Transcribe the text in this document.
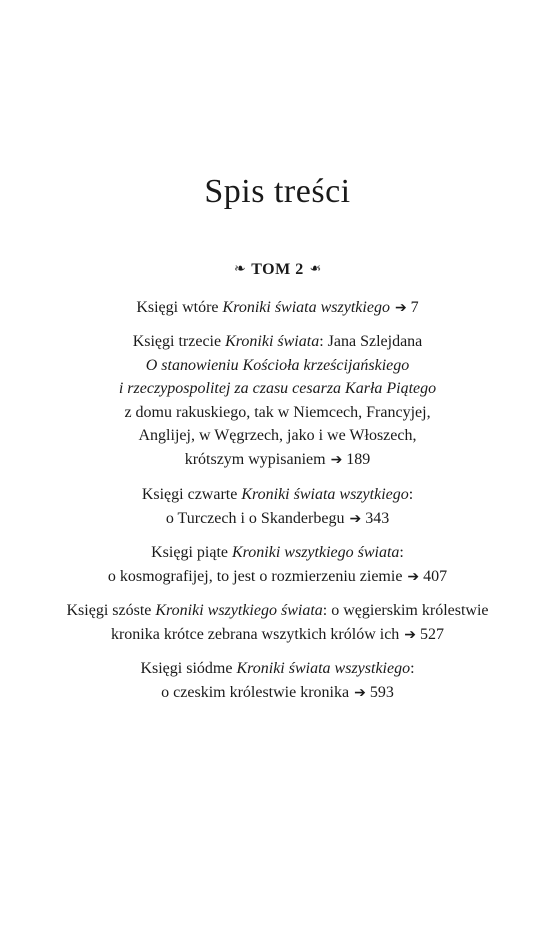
Spis treści
❧ TOM 2 ❧
Księgi wtóre Kroniki świata wszytkiego ➔ 7
Księgi trzecie Kroniki świata: Jana Szlejdana
O stanowieniu Kościoła krześcijańskiego
i rzeczypospolitej za czasu cesarza Karła Piątego
z domu rakuskiego, tak w Niemcech, Francyjej,
Anglijej, w Węgrzech, jako i we Włoszech,
krótszym wypisaniem ➔ 189
Księgi czwarte Kroniki świata wszytkiego:
o Turczech i o Skanderbegu ➔ 343
Księgi piąte Kroniki wszytkiego świata:
o kosmografijej, to jest o rozmierzeniu ziemie ➔ 407
Księgi szóste Kroniki wszytkiego świata: o węgierskim królestwie
kronika krótce zebrana wszytkich królów ich ➔ 527
Księgi siódme Kroniki świata wszystkiego:
o czeskim królestwie kronika ➔ 593
